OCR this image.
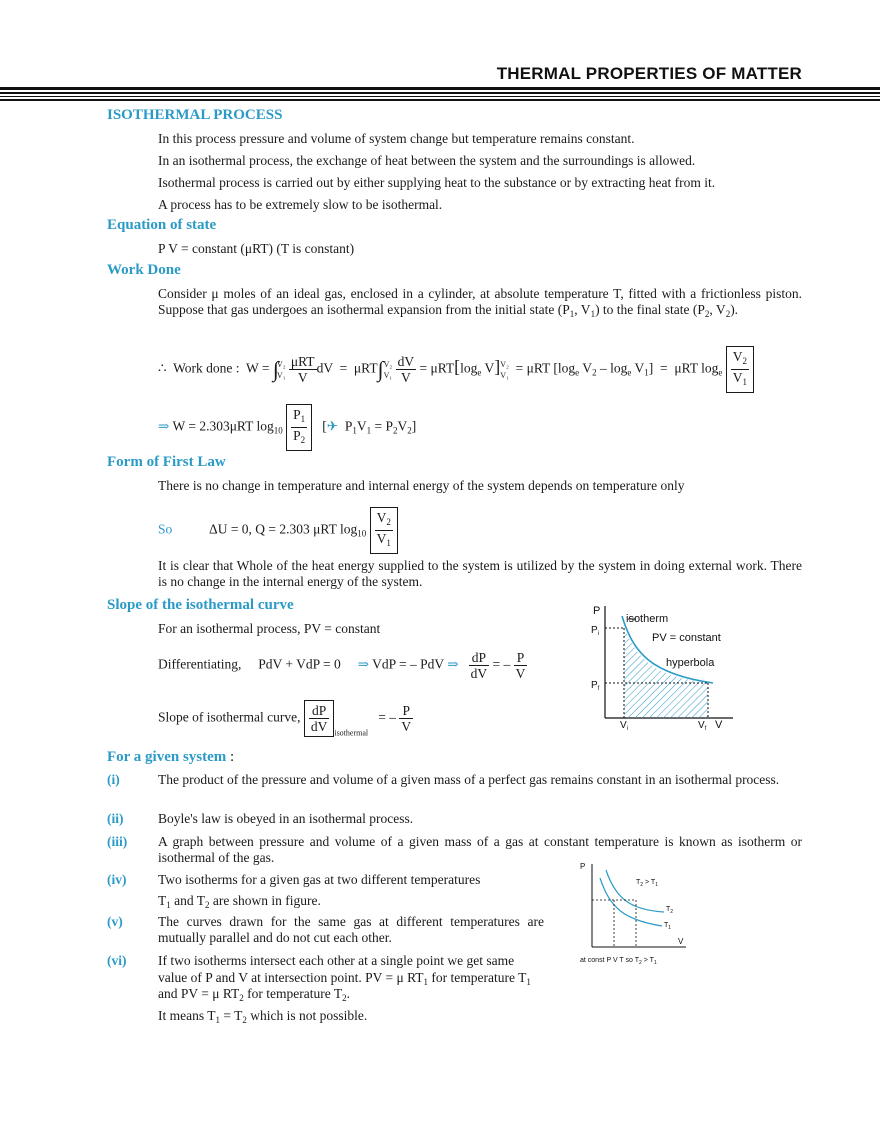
THERMAL PROPERTIES OF MATTER
ISOTHERMAL PROCESS
In this process pressure and volume of system change but temperature remains constant.
In an isothermal process, the exchange of heat between the system and the surroundings is allowed.
Isothermal process is carried out by either supplying heat to the substance or by extracting heat from it.
A process has to be extremely slow to be isothermal.
Equation of state
P V = constant (μRT) (T is constant)
Work Done
Consider μ moles of an ideal gas, enclosed in a cylinder, at absolute temperature T, fitted with a frictionless piston. Suppose that gas undergoes an isothermal expansion from the initial state ($P_1$, $V_1$) to the final state ($P_2$, $V_2$).
∴ Work done :  W = ∫
V₂
V₁
$\frac{\text{μRT}}{V}$ dV  =  μRT∫ V₂
V₁
$\frac{dV}{V} = \mu RT[\log_e$ V] V₂
V₁ = μRT [$\log_e$ $V_2 - \log_e V_1] = \mu RT$ $\log_e \frac{V_2}{V_1}$
⇒ W = 2.303μRT $\log_{10} \frac{P_1}{P_2}$ [✈  $P_1V_1 = P_2V_2$]
Form of First Law
There is no change in temperature and internal energy of the system depends on temperature only
So	ΔU = 0, Q = 2.303 μRT $\log_{10} \frac{V_2}{V_1}$
It is clear that Whole of the heat energy supplied to the system is utilized by the system in doing external work. There is no change in the internal energy of the system.
Slope of the isothermal curve
For an isothermal process, PV = constant
Differentiating, PdV + VdP = 0 ⇒ VdP = – PdV ⇒ $\frac{dP}{dV}$ = – $\frac{P}{V}$
Slope of isothermal curve, $\frac{dP}{dV} _{isothermal}$   = – $\frac{P}{V}$
P
$P_i$
$P_f$
$V_i$	$V_f$ V
isotherm
PV = constant
hyperbola
For a given system :
(i)	The product of the pressure and volume of a given mass of a perfect gas remains constant in an isothermal process.
(ii)	Boyle's law is obeyed in an isothermal process.
(iii) A graph between pressure and volume of a given mass of a gas at constant temperature is known as isotherm or isothermal of the gas.
(iv) Two isotherms for a given gas at two different temperatures
$T_1$ and $T_2$ are shown in figure.
(v)	The curves drawn for the same gas at different temperatures are mutually parallel and do not cut each other.
(vi) If two isotherms intersect each other at a single point we get same
value of P and V at intersection point. PV = μ $RT_1$ for temperature $T_1$
and PV = μ $RT_2$ for temperature $T_2$.
It means $T_1 = T_2$ which is not possible.
P
V
$T_2 > T_1$
$T_2$
$T_1$
at const P V T so $T_2 > T_1$
